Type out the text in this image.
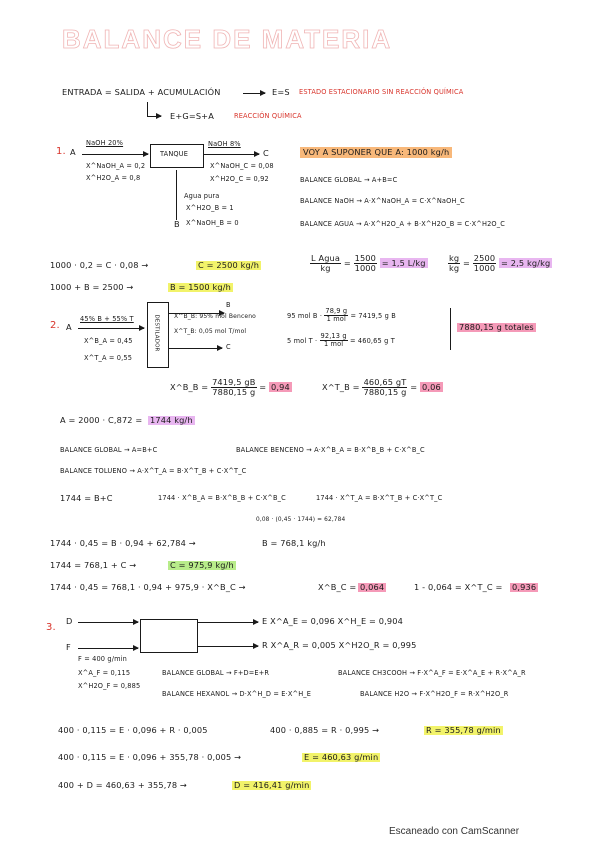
BALANCE DE MATERIA
ENTRADA = SALIDA + ACUMULACIÓN	E=S ESTADO ESTACIONARIO SIN REACCIÓN QUÍMICA
E+G=S+A	REACCIÓN QUÍMICA
1. A
NaOH 20%
X^NaOH_A = 0,2
X^H2O_A = 0,8
TANQUE
NaOH 8%
C
X^NaOH_C = 0,08
X^H2O_C = 0,92
Agua pura
X^H2O_B = 1
X^NaOH_B = 0
B
VOY A SUPONER QUE A: 1000 kg/h
BALANCE GLOBAL → A+B=C
BALANCE NaOH → A·X^NaOH_A = C·X^NaOH_C
BALANCE AGUA → A·X^H2O_A + B·X^H2O_B = C·X^H2O_C
1000 · 0,2 = C · 0,08 →	C = 2500 kg/h
1000 + B = 2500 →	B = 1500 kg/h
$\frac{\text{L Agua}}{kg} = \frac{1500}{1000} = 1,5$ L/kg	$\frac{kg}{kg} = \frac{2500}{1000} = 2,5$ kg/kg
2. A
45% B + 55% T
X^B_A = 0,45
X^T_A = 0,55
DESTILADOR
B
X^B_B: 95% mol Benceno
X^T_B: 0,05 mol T/mol
C
95 mol $B \cdot \frac{78,9 g}{\text{1 mol}} = 7419,5$ g B
5 mol $T \cdot \frac{92,13 g}{\text{1 mol}} = 460,65$ g T
7880,15 g totales
X^B_B = $\frac{7419,5 gB}{7880,15 g} = 0,94$	X^T_B = $\frac{460,65 gT}{7880,15 g} = 0,06$
A = 2000 · C,872 = 1744 kg/h
BALANCE GLOBAL → A=B+C	BALANCE BENCENO → A·X^B_A = B·X^B_B + C·X^B_C
BALANCE TOLUENO → A·X^T_A = B·X^T_B + C·X^T_C
1744 = B+C	1744 · X^B_A = B·X^B_B + C·X^B_C
0,08 · (0,45 · 1744) = 62,784
1744 · X^T_A = B·X^T_B + C·X^T_C
1744 · 0,45 = B · 0,94 + 62,784 →	B = 768,1 kg/h
1744 = 768,1 + C →	C = 975,9 kg/h
1744 · 0,45 = 768,1 · 0,94 + 975,9 · X^B_C →	X^B_C = 0,064	1 - 0,064 = X^T_C = 0,936
3.
D
F
F = 400 g/min
X^A_F = 0,115
X^H2O_F = 0,885
E X^A_E = 0,096 X^H_E = 0,904
R X^A_R = 0,005 X^H2O_R = 0,995
BALANCE GLOBAL → F+D=E+R	BALANCE CH3COOH → F·X^A_F = E·X^A_E + R·X^A_R
BALANCE HEXANOL → D·X^H_D = E·X^H_E	BALANCE H2O → F·X^H2O_F = R·X^H2O_R
400 · 0,115 = E · 0,096 + R · 0,005	400 · 0,885 = R · 0,995 →	R = 355,78 g/min
400 · 0,115 = E · 0,096 + 355,78 · 0,005 →	E = 460,63 g/min
400 + D = 460,63 + 355,78 →	D = 416,41 g/min
Escaneado con CamScanner
